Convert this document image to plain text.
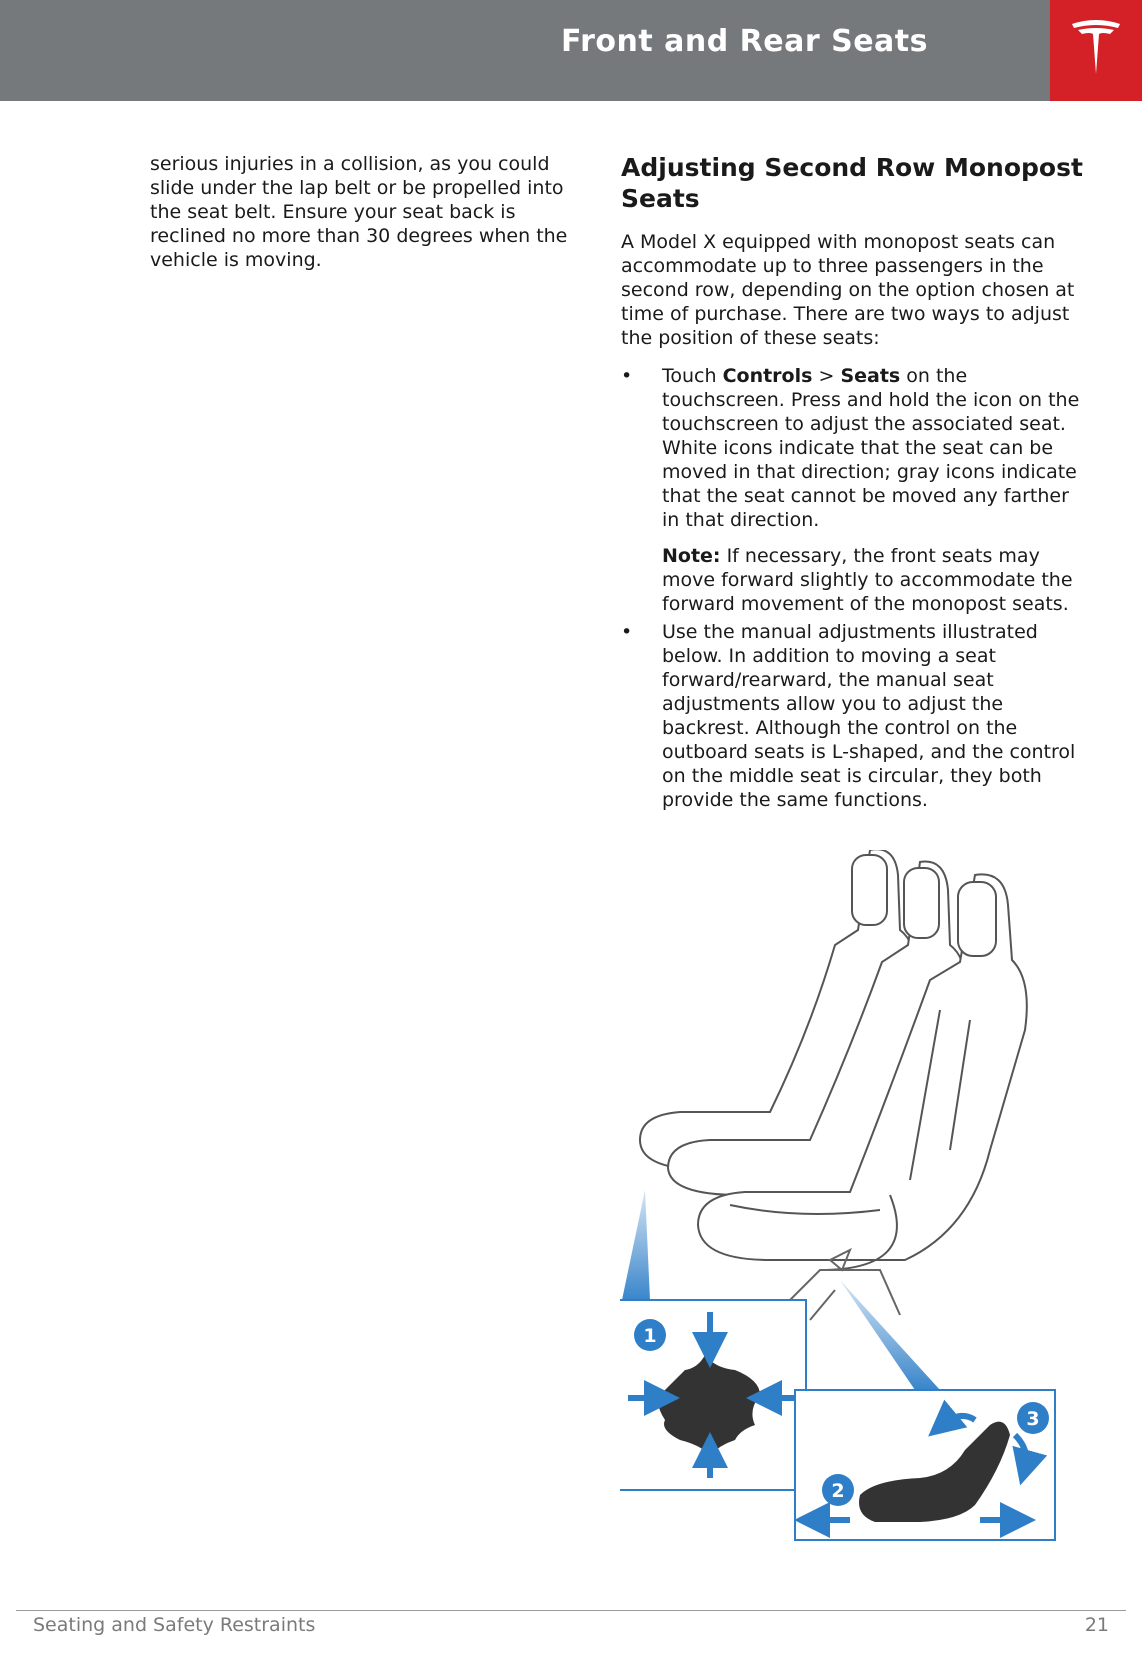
Front and Rear Seats

serious injuries in a collision, as you could slide under the lap belt or be propelled into the seat belt. Ensure your seat back is reclined no more than 30 degrees when the vehicle is moving.

Adjusting Second Row Monopost Seats

A Model X equipped with monopost seats can accommodate up to three passengers in the second row, depending on the option chosen at time of purchase. There are two ways to adjust the position of these seats:

• Touch Controls > Seats on the touchscreen. Press and hold the icon on the touchscreen to adjust the associated seat. White icons indicate that the seat can be moved in that direction; gray icons indicate that the seat cannot be moved any farther in that direction.

Note: If necessary, the front seats may move forward slightly to accommodate the forward movement of the monopost seats.

• Use the manual adjustments illustrated below. In addition to moving a seat forward/rearward, the manual seat adjustments allow you to adjust the backrest. Although the control on the outboard seats is L-shaped, and the control on the middle seat is circular, they both provide the same functions.

1
2
3
Seating and Safety Restraints	21
